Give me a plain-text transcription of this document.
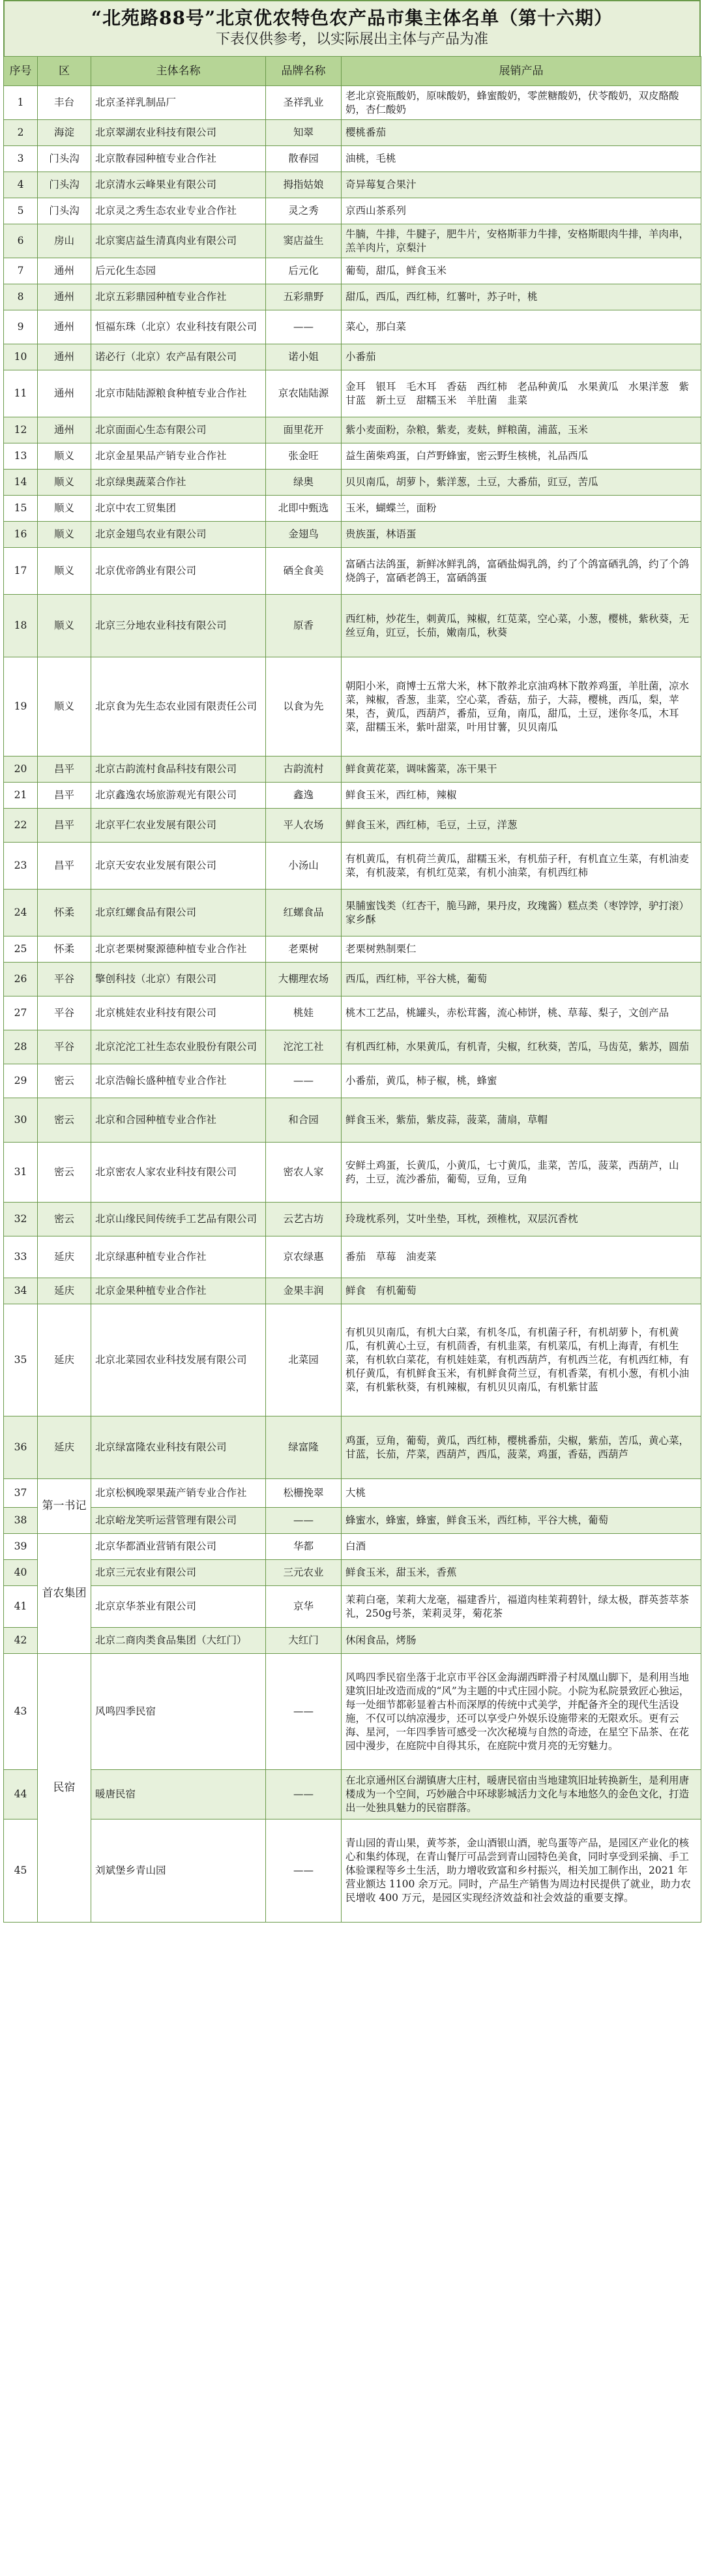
“北苑路88号”北京优农特色农产品市集主体名单（第十六期）
下表仅供参考，以实际展出主体与产品为准
序号	区	主体名称	品牌名称	展销产品
1	丰台	北京圣祥乳制品厂	圣祥乳业	老北京瓷瓶酸奶，原味酸奶，蜂蜜酸奶，零蔗糖酸奶，伏苓酸奶，双皮酪酸奶，杏仁酸奶
2	海淀	北京翠湖农业科技有限公司	知翠	樱桃番茄
3	门头沟	北京散春园种植专业合作社	散春园	油桃，毛桃
4	门头沟	北京清水云峰果业有限公司	拇指姑娘	奇异莓复合果汁
5	门头沟	北京灵之秀生态农业专业合作社	灵之秀	京西山茶系列
6	房山	北京窦店益生清真肉业有限公司	窦店益生	牛腩，牛排，牛腱子，肥牛片，安格斯菲力牛排，安格斯眼肉牛排，羊肉串，羔羊肉片，京梨汁
7	通州	后元化生态园	后元化	葡萄，甜瓜，鲜食玉米
8	通州	北京五彩鼎园种植专业合作社	五彩鼎野	甜瓜，西瓜，西红柿，红薯叶，苏子叶，桃
9	通州	恒福东珠（北京）农业科技有限公司	——	菜心，那白菜
10	通州	诺必行（北京）农产品有限公司	诺小姐	小番茄
11	通州	北京市陆陆源粮食种植专业合作社	京农陆陆源	金耳　银耳　毛木耳　香菇　西红柿　老品种黄瓜　水果黄瓜　水果洋葱　紫甘蓝　新土豆　甜糯玉米　羊肚菌　韭菜
12	通州	北京面面心生态有限公司	面里花开	紫小麦面粉，杂粮，紫麦，麦麸，鲜粮菌，浦蓝，玉米
13	顺义	北京金星果品产销专业合作社	张金旺	益生菌柴鸡蛋，白芦野蜂蜜，密云野生核桃，礼品西瓜
14	顺义	北京绿奥蔬菜合作社	绿奥	贝贝南瓜，胡萝卜，紫洋葱，土豆，大番茄，豇豆，苦瓜
15	顺义	北京中农工贸集团	北即中甄选	玉米，蝴蝶兰，面粉
16	顺义	北京金翅鸟农业有限公司	金翅鸟	贵族蛋，林语蛋
17	顺义	北京优帝鸽业有限公司	硒全食美	富硒古法鸽蛋，新鲜冰鲜乳鸽，富硒盐焗乳鸽，约了个鸽富硒乳鸽，约了个鸽烧鸽子，富硒老鸽王，富硒鸽蛋
18	顺义	北京三分地农业科技有限公司	原香	西红柿，炒花生，刺黄瓜，辣椒，红苋菜，空心菜，小葱，樱桃，紫秋葵，无丝豆角，豇豆，长茄，嫩南瓜，秋葵
19	顺义	北京食为先生态农业园有限责任公司	以食为先	朝阳小米，商博士五常大米，林下散养北京油鸡林下散养鸡蛋，羊肚菌，凉水菜，辣椒，香葱，韭菜，空心菜，香菇，茄子，大蒜，樱桃，西瓜，梨，苹果，杏，黄瓜，西葫芦，番茄，豆角，南瓜，甜瓜，土豆，迷你冬瓜，木耳菜，甜糯玉米，紫叶甜菜，叶用甘薯，贝贝南瓜
20	昌平	北京古韵流村食品科技有限公司	古韵流村	鲜食黄花菜，调味酱菜，冻干果干
21	昌平	北京鑫逸农场旅游观光有限公司	鑫逸	鲜食玉米，西红柿，辣椒
22	昌平	北京平仁农业发展有限公司	平人农场	鲜食玉米，西红柿，毛豆，土豆，洋葱
23	昌平	北京天安农业发展有限公司	小汤山	有机黄瓜，有机荷兰黄瓜，甜糯玉米，有机茄子秆，有机直立生菜，有机油麦菜，有机菠菜，有机红苋菜，有机小油菜，有机西红柿
24	怀柔	北京红螺食品有限公司	红螺食品	果脯蜜饯类（红杏干，脆马蹄，果丹皮，玫瑰酱）糕点类（枣饽饽，驴打滚）家乡酥
25	怀柔	北京老栗树聚源德种植专业合作社	老栗树	老栗树熟制栗仁
26	平谷	擎创科技（北京）有限公司	大棚理农场	西瓜，西红柿，平谷大桃，葡萄
27	平谷	北京桃娃农业科技有限公司	桃娃	桃木工艺品，桃罐头，赤松茸酱，流心柿饼，桃、草莓、梨子，文创产品
28	平谷	北京沱沱工社生态农业股份有限公司	沱沱工社	有机西红柿，水果黄瓜，有机青，尖椒，红秋葵，苦瓜，马齿苋，紫苏，圆茄
29	密云	北京浩翰长盛种植专业合作社	——	小番茄，黄瓜，柿子椒，桃，蜂蜜
30	密云	北京和合园种植专业合作社	和合园	鲜食玉米，紫茄，紫皮蒜，菠菜，蒲扇，草帽
31	密云	北京密农人家农业科技有限公司	密农人家	安鲜土鸡蛋，长黄瓜，小黄瓜，七寸黄瓜，韭菜，苦瓜，菠菜，西葫芦，山药，土豆，流沙番茄，葡萄，豆角，豆角
32	密云	北京山缘民间传统手工艺品有限公司	云艺古坊	玲珑枕系列，艾叶坐垫，耳枕，颈椎枕，双层沉香枕
33	延庆	北京绿惠种植专业合作社	京农绿惠	番茄　草莓　油麦菜
34	延庆	北京金果种植专业合作社	金果丰润	鲜食　有机葡萄
35	延庆	北京北菜园农业科技发展有限公司	北菜园	有机贝贝南瓜，有机大白菜，有机冬瓜，有机菌子秆，有机胡萝卜，有机黄瓜，有机黄心土豆，有机茴香，有机韭菜，有机菜瓜，有机上海青，有机生菜，有机软白菜花，有机娃娃菜，有机西葫芦，有机西兰花，有机西红柿，有机仔黄瓜，有机鲜食玉米，有机鲜食荷兰豆，有机香菜，有机小葱，有机小油菜，有机紫秋葵，有机辣椒，有机贝贝南瓜，有机紫甘蓝
36	延庆	北京绿富隆农业科技有限公司	绿富隆	鸡蛋，豆角，葡萄，黄瓜，西红柿，樱桃番茄，尖椒，紫茄，苦瓜，黄心菜，甘蓝，长茄，芹菜，西葫芦，西瓜，菠菜，鸡蛋，香菇，西葫芦
37	第一书记	北京松枫晚翠果蔬产销专业合作社	松栅挽翠	大桃
38		北京峪龙笑听运营管理有限公司	——	蜂蜜水，蜂蜜，蜂蜜，鲜食玉米，西红柿，平谷大桃，葡萄
39	首农集团	北京华都酒业营销有限公司	华都	白酒
40		北京三元农业有限公司	三元农业	鲜食玉米，甜玉米，香蕉
41		北京京华茶业有限公司	京华	茉莉白毫，茉莉大龙毫，福建香片，福道肉桂茉莉碧针，绿太极，群英荟萃茶礼，250g号茶，茉莉灵芽，菊花茶
42		北京二商肉类食品集团（大红门）	大红门	休闲食品，烤肠
43	民宿	风鸣四季民宿	——	风鸣四季民宿坐落于北京市平谷区金海湖西畔滑子村凤凰山脚下，是利用当地建筑旧址改造而成的“风”为主题的中式庄园小院。小院为私院景致匠心独运，每一处细节都彰显着古朴而深厚的传统中式美学，并配备齐全的现代生活设施，不仅可以纳凉漫步，还可以享受户外娱乐设施带来的无限欢乐。更有云海、星河，一年四季皆可感受一次次秘境与自然的奇迹，在星空下品茶、在花园中漫步，在庭院中自得其乐，在庭院中赏月亮的无穷魅力。
44		暖唐民宿	——	在北京通州区台湖镇唐大庄村，暖唐民宿由当地建筑旧址转换新生，是利用唐楼成为一个空间，巧妙融合中环球影城活力文化与本地悠久的金色文化，打造出一处独具魅力的民宿群落。
45		刘斌堡乡青山园	——	青山园的青山果，黄芩茶，金山酒银山酒，驼鸟蛋等产品，是园区产业化的核心和集约体现，在青山餐厅可品尝到青山园特色美食，同时享受到采摘、手工体验课程等乡土生活，助力增收致富和乡村振兴，相关加工制作出，2021 年营业额达 1100 余万元。同时，产品生产销售为周边村民提供了就业，助力农民增收 400 万元，是园区实现经济效益和社会效益的重要支撑。
